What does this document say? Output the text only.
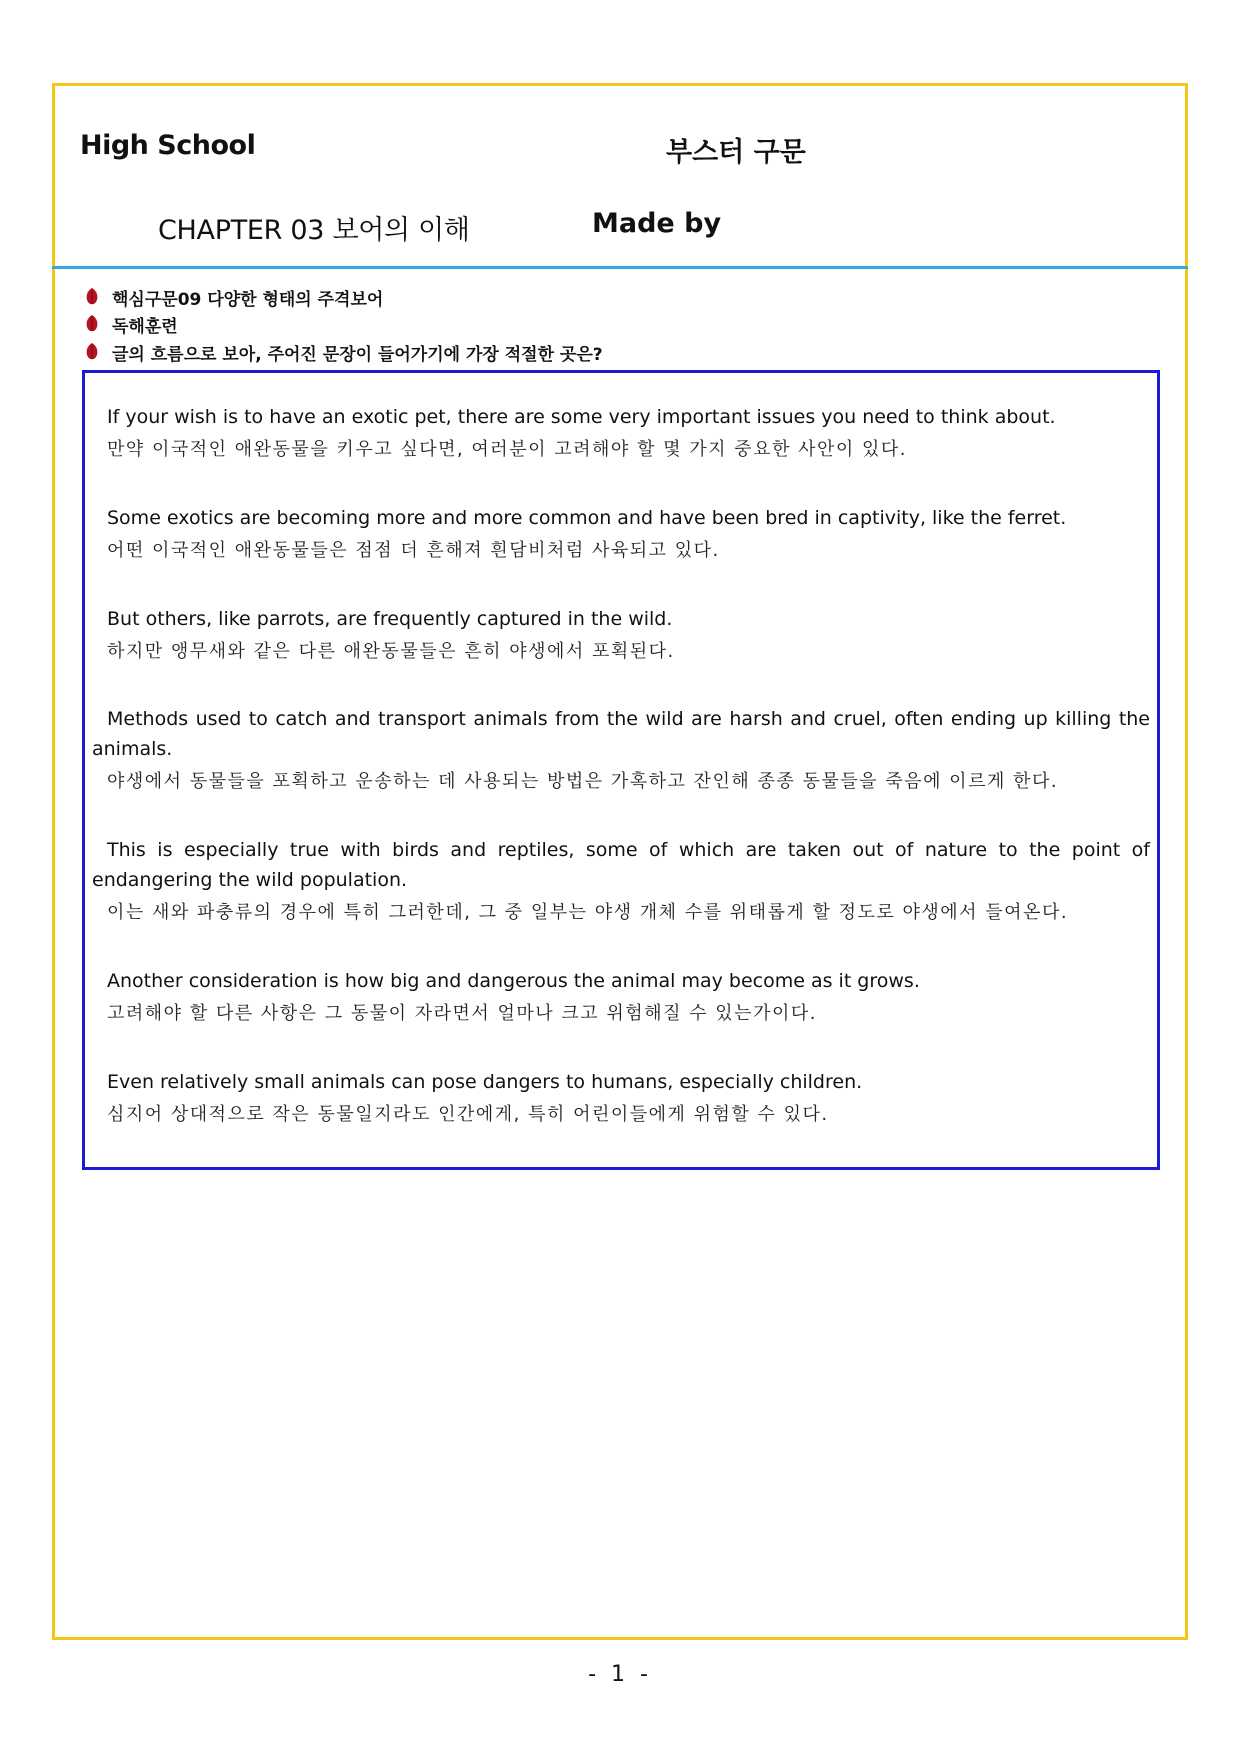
High School	부스터 구문
CHAPTER 03 보어의 이해	Made by
핵심구문09 다양한 형태의 주격보어
독해훈련
글의 흐름으로 보아, 주어진 문장이 들어가기에 가장 적절한 곳은?
If your wish is to have an exotic pet, there are some very important issues you need to think about.
만약 이국적인 애완동물을 키우고 싶다면, 여러분이 고려해야 할 몇 가지 중요한 사안이 있다.
Some exotics are becoming more and more common and have been bred in captivity, like the ferret.
어떤 이국적인 애완동물들은 점점 더 흔해져 흰담비처럼 사육되고 있다.
But others, like parrots, are frequently captured in the wild.
하지만 앵무새와 같은 다른 애완동물들은 흔히 야생에서 포획된다.
Methods used to catch and transport animals from the wild are harsh and cruel, often ending up killing the animals.
야생에서 동물들을 포획하고 운송하는 데 사용되는 방법은 가혹하고 잔인해 종종 동물들을 죽음에 이르게 한다.
This is especially true with birds and reptiles, some of which are taken out of nature to the point of endangering the wild population.
이는 새와 파충류의 경우에 특히 그러한데, 그 중 일부는 야생 개체 수를 위태롭게 할 정도로 야생에서 들여온다.
Another consideration is how big and dangerous the animal may become as it grows.
고려해야 할 다른 사항은 그 동물이 자라면서 얼마나 크고 위험해질 수 있는가이다.
Even relatively small animals can pose dangers to humans, especially children.
심지어 상대적으로 작은 동물일지라도 인간에게, 특히 어린이들에게 위험할 수 있다.
- 1 -
